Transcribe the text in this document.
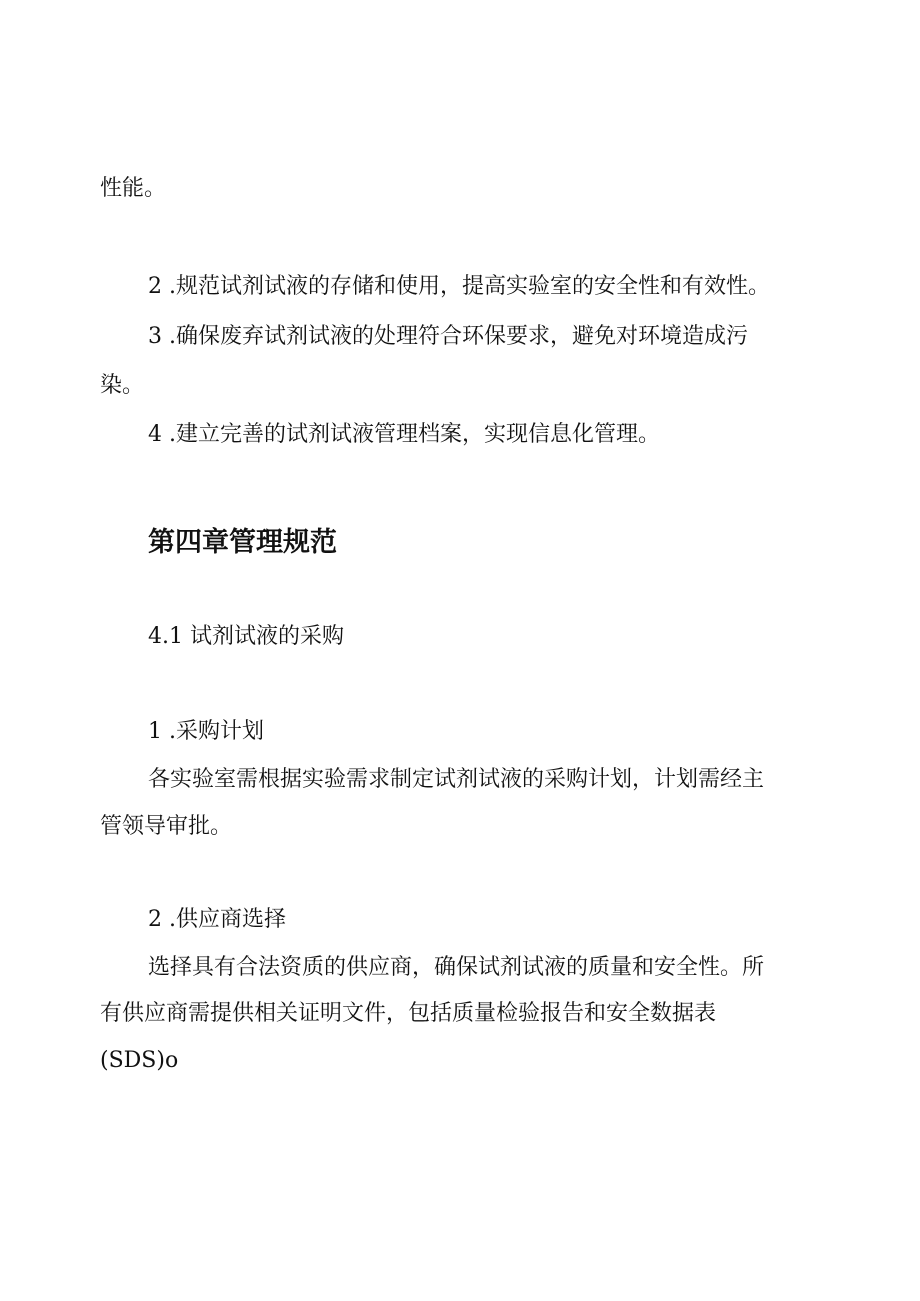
性能。
2 .规范试剂试液的存储和使用，提高实验室的安全性和有效性。
3 .确保废弃试剂试液的处理符合环保要求，避免对环境造成污
染。
4 .建立完善的试剂试液管理档案，实现信息化管理。
第四章管理规范
4.1 试剂试液的采购
1 .采购计划
各实验室需根据实验需求制定试剂试液的采购计划，计划需经主
管领导审批。
2 .供应商选择
选择具有合法资质的供应商，确保试剂试液的质量和安全性。所
有供应商需提供相关证明文件，包括质量检验报告和安全数据表
(SDS)o
